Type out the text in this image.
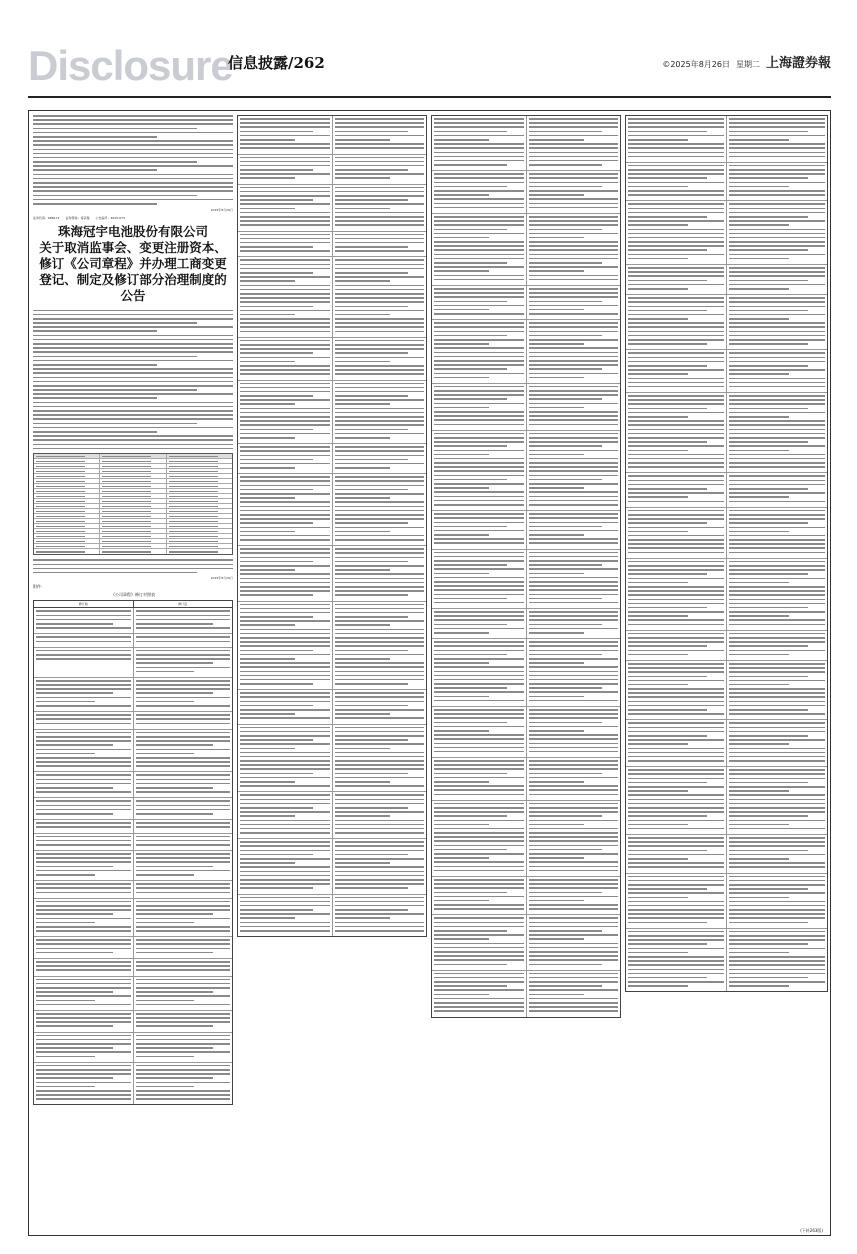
Disclosure
信息披露/262	©2025年8月26日 星期二 上海證券報
2025年8月26日
证券代码：688173 证券简称：希荻微 公告编号：2025-073
珠海冠宇电池股份有限公司
关于取消监事会、变更注册资本、
修订《公司章程》并办理工商变更
登记、制定及修订部分治理制度的
公告
2025年8月26日
附件：
《公司章程》修订对照表
修订前	修订后
(下转263版)
